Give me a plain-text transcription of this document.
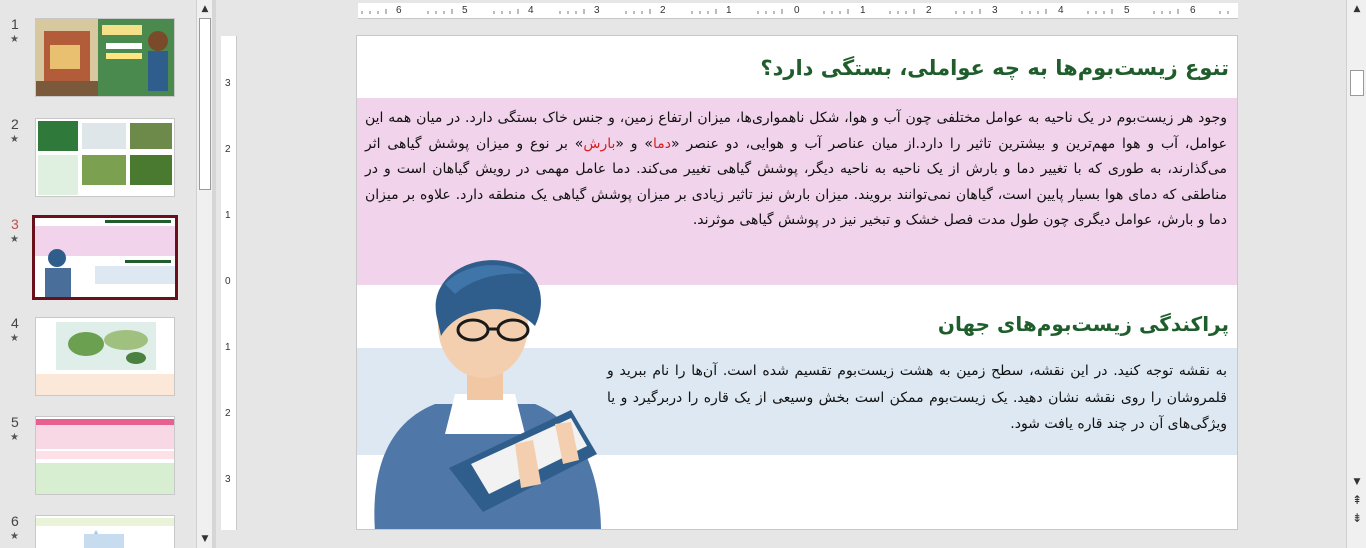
1
★
2
★
3
★
4
★
5
★
6
★
▲
▼
6	5	4	3	2	1	0	1	2	3	4	5	6
3
2
1
0
1
2
3
تنوع زیست‌بوم‌ها به چه عواملی، بستگی دارد؟
وجود هر زیست‌بوم در یک ناحیه به عوامل مختلفی چون آب و هوا، شکل ناهمواری‌ها، میزان ارتفاع زمین، و جنس خاک بستگی دارد. در میان همه این عوامل، آب و هوا مهم‌ترین و بیشترین تاثیر را دارد.از میان عناصر آب و هوایی، دو عنصر «دما» و «بارش» بر نوع و میزان پوشش گیاهی اثر می‌گذارند، به طوری که با تغییر دما و بارش از یک ناحیه به ناحیه دیگر، پوشش گیاهی تغییر می‌کند. دما عامل مهمی در رویش گیاهان است و در مناطقی که دمای هوا بسیار پایین است، گیاهان نمی‌توانند برویند. میزان بارش نیز تاثیر زیادی بر میزان پوشش گیاهی یک منطقه دارد. علاوه بر میزان دما و بارش، عوامل دیگری چون طول مدت فصل خشک و تبخیر نیز در پوشش گیاهی موثرند.
پراکندگی زیست‌بوم‌های جهان
به نقشه توجه کنید. در این نقشه، سطح زمین به هشت زیست‌بوم تقسیم شده است. آن‌ها را نام ببرید و قلمروشان را روی نقشه نشان دهید. یک زیست‌بوم ممکن است بخش وسیعی از یک قاره را دربرگیرد و یا ویژگی‌های آن در چند قاره یافت شود.
▲
▼
⇞
⇟
